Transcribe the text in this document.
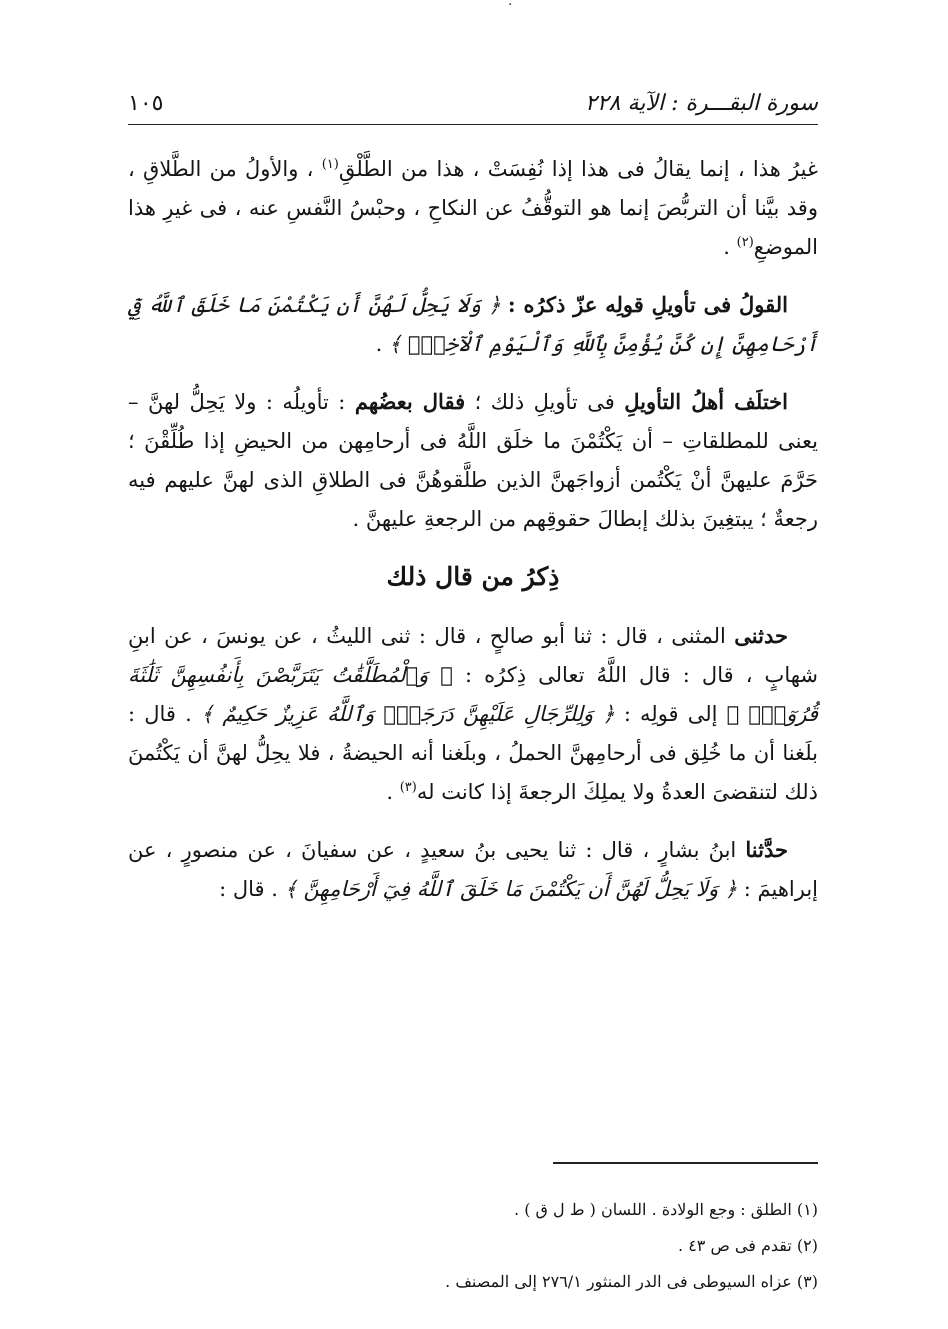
·
سورة البقـــرة : الآية ٢٢٨
١٠٥

غيرُ هذا ، إنما يقالُ فى هذا إذا نُفِسَتْ ، هذا من الطَّلْقِ$^{(١)}$ ، والأولُ من الطَّلاقِ ، وقد بيَّنا أن التربُّصَ إنما هو التوقُّفُ عن النكاحِ ، وحبْسُ النَّفسِ عنه ، فى غيرِ هذا الموضعِ$^{(٢)}$ .

القولُ فى تأويلِ قولِه عزّ ذكرُه : ﴿ وَلَا يَحِلُّ لَهُنَّ أَن يَكْتُمْنَ مَا خَلَقَ ٱللَّهُ فِيٓ أَرْحَامِهِنَّ إِن كُنَّ يُؤْمِنَّ بِٱللَّهِ وَٱلْيَوْمِ ٱلْآخِرِۚ ﴾ .

اختلَف أهلُ التأويلِ فى تأويلِ ذلك ؛ فقال بعضُهم : تأويلُه : ولا يَحِلُّ لهنَّ – يعنى للمطلقاتِ – أن يَكْتُمْنَ ما خلَق اللَّهُ فى أرحامِهن من الحيضِ إذا طُلِّقْنَ ؛ حَرَّمَ عليهنَّ أنْ يَكْتُمن أزواجَهنَّ الذين طلَّقوهُنَّ فى الطلاقِ الذى لهنَّ عليهم فيه رجعةٌ ؛ يبتغِينَ بذلك إبطالَ حقوقِهم من الرجعةِ عليهنَّ .

ذِكرُ من قال ذلك

حدثنى المثنى ، قال : ثنا أبو صالحٍ ، قال : ثنى الليثُ ، عن يونسَ ، عن ابنِ شهابٍ ، قال : قال اللَّهُ تعالى ذِكرُه : ﴿ وَٱلْمُطَلَّقَٰتُ يَتَرَبَّصْنَ بِأَنفُسِهِنَّ ثَلَٰثَةَ قُرُوٓءٍۚ ﴾ إلى قولِه : ﴿ وَلِلرِّجَالِ عَلَيْهِنَّ دَرَجَةٌۗ وَٱللَّهُ عَزِيزٌ حَكِيمٌ ﴾ . قال : بلَغنا أن ما خُلِق فى أرحامِهنَّ الحملُ ، وبلَغنا أنه الحيضةُ ، فلا يحِلُّ لهنَّ أن يَكْتُمنَ ذلك لتنقضىَ العدةُ ولا يملِكَ الرجعةَ إذا كانت له$^{(٣)}$ .

حدَّثنا ابنُ بشارٍ ، قال : ثنا يحيى بنُ سعيدٍ ، عن سفيانَ ، عن منصورٍ ، عن إبراهيمَ : ﴿ وَلَا يَحِلُّ لَهُنَّ أَن يَكْتُمْنَ مَا خَلَقَ ٱللَّهُ فِيٓ أَرْحَامِهِنَّ ﴾ . قال :

(١) الطلق : وجع الولادة . اللسان ( ط ل ق ) .
(٢) تقدم فى ص ٤٣ .
(٣) عزاه السيوطى فى الدر المنثور ٢٧٦/١ إلى المصنف .
